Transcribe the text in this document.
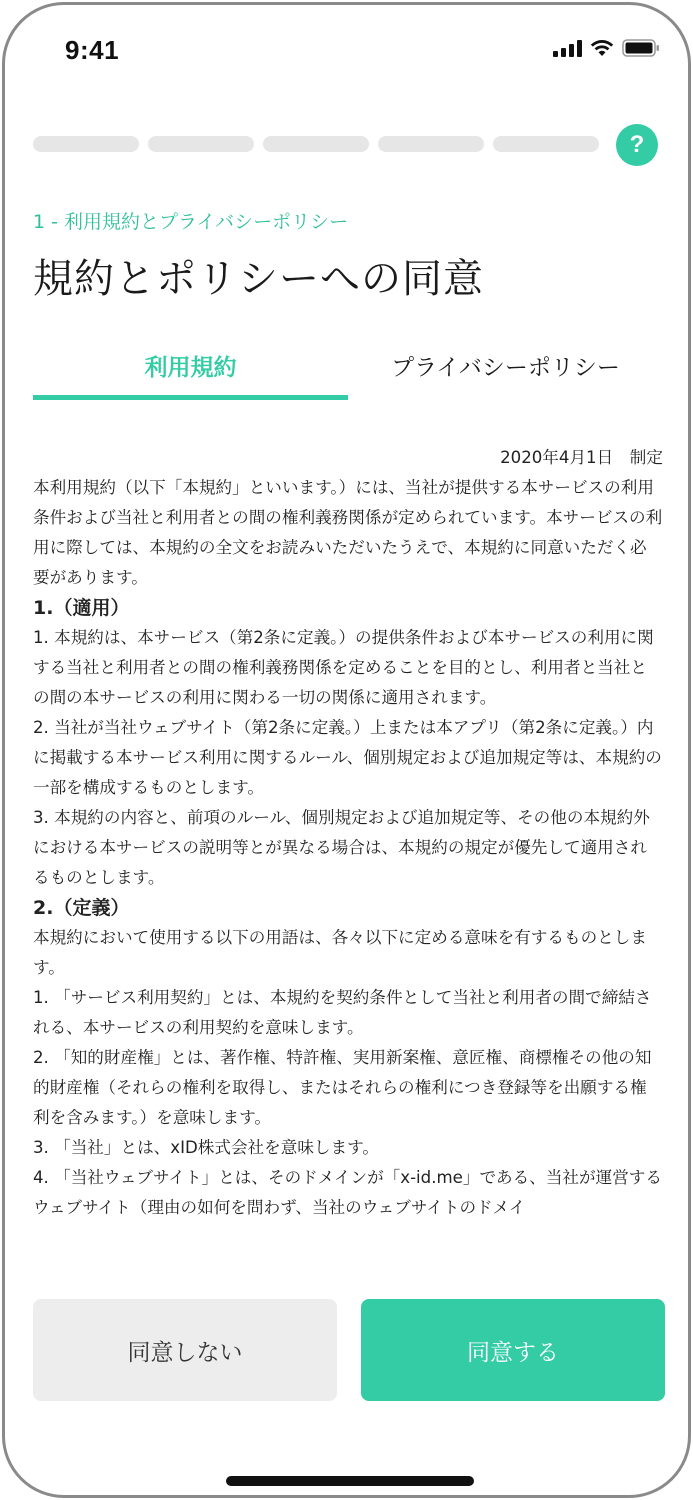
9:41
?
1 - 利用規約とプライバシーポリシー
規約とポリシーへの同意
利用規約	プライバシーポリシー

2020年4月1日　制定

本利用規約（以下「本規約」といいます。）には、当社が提供する本サービスの利用条件および当社と利用者との間の権利義務関係が定められています。本サービスの利用に際しては、本規約の全文をお読みいただいたうえで、本規約に同意いただく必要があります。

1.（適用）

1. 本規約は、本サービス（第2条に定義。）の提供条件および本サービスの利用に関する当社と利用者との間の権利義務関係を定めることを目的とし、利用者と当社との間の本サービスの利用に関わる一切の関係に適用されます。

2. 当社が当社ウェブサイト（第2条に定義。）上または本アプリ（第2条に定義。）内に掲載する本サービス利用に関するルール、個別規定および追加規定等は、本規約の一部を構成するものとします。

3. 本規約の内容と、前項のルール、個別規定および追加規定等、その他の本規約外における本サービスの説明等とが異なる場合は、本規約の規定が優先して適用されるものとします。

2.（定義）

本規約において使用する以下の用語は、各々以下に定める意味を有するものとします。

1. 「サービス利用契約」とは、本規約を契約条件として当社と利用者の間で締結される、本サービスの利用契約を意味します。

2. 「知的財産権」とは、著作権、特許権、実用新案権、意匠権、商標権その他の知的財産権（それらの権利を取得し、またはそれらの権利につき登録等を出願する権利を含みます。）を意味します。

3. 「当社」とは、xID株式会社を意味します。

4. 「当社ウェブサイト」とは、そのドメインが「x-id.me」である、当社が運営するウェブサイト（理由の如何を問わず、当社のウェブサイトのドメイ

同意しない	同意する
